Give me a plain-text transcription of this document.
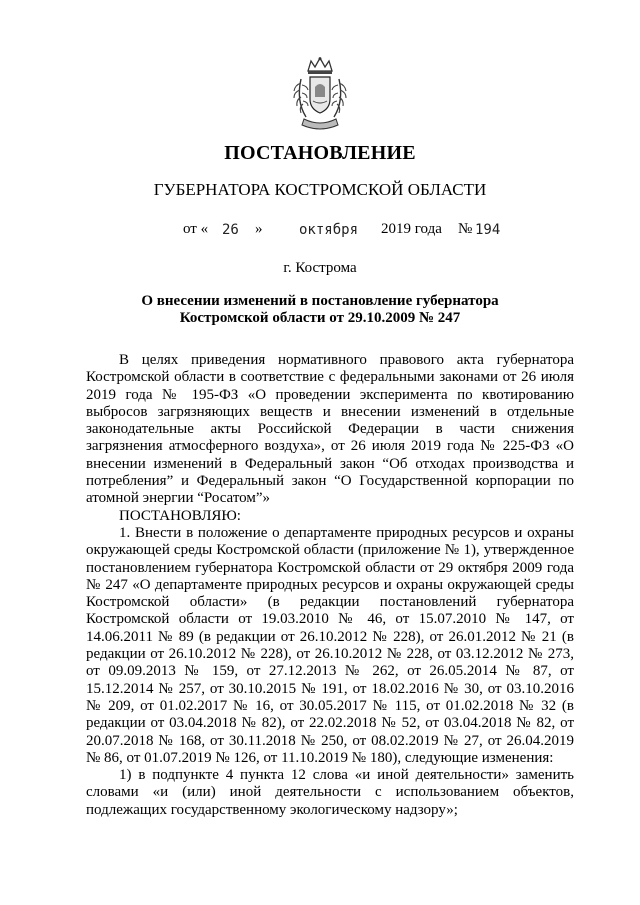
ПОСТАНОВЛЕНИЕ
ГУБЕРНАТОРА КОСТРОМСКОЙ ОБЛАСТИ
от « 26 »	октября 2019 года № 194
г. Кострома
О внесении изменений в постановление губернатора Костромской области от 29.10.2009 № 247

В целях приведения нормативного правового акта губернатора Костромской области в соответствие с федеральными законами от 26 июля 2019 года № 195-ФЗ «О проведении эксперимента по квотированию выбросов загрязняющих веществ и внесении изменений в отдельные законодательные акты Российской Федерации в части снижения загрязнения атмосферного воздуха», от 26 июля 2019 года № 225-ФЗ «О внесении изменений в Федеральный закон “Об отходах производства и потребления” и Федеральный закон “О Государственной корпорации по атомной энергии “Росатом”»

ПОСТАНОВЛЯЮ:

1. Внести в положение о департаменте природных ресурсов и охраны окружающей среды Костромской области (приложение № 1), утвержденное постановлением губернатора Костромской области от 29 октября 2009 года № 247 «О департаменте природных ресурсов и охраны окружающей среды Костромской области» (в редакции постановлений губернатора Костромской области от 19.03.2010 № 46, от 15.07.2010 № 147, от 14.06.2011 № 89 (в редакции от 26.10.2012 № 228), от 26.01.2012 № 21 (в редакции от 26.10.2012 № 228), от 26.10.2012 № 228, от 03.12.2012 № 273, от 09.09.2013 № 159, от 27.12.2013 № 262, от 26.05.2014 № 87, от 15.12.2014 № 257, от 30.10.2015 № 191, от 18.02.2016 № 30, от 03.10.2016 № 209, от 01.02.2017 № 16, от 30.05.2017 № 115, от 01.02.2018 № 32 (в редакции от 03.04.2018 № 82), от 22.02.2018 № 52, от 03.04.2018 № 82, от 20.07.2018 № 168, от 30.11.2018 № 250, от 08.02.2019 № 27, от 26.04.2019 № 86, от 01.07.2019 № 126, от 11.10.2019 № 180), следующие изменения:

1) в подпункте 4 пункта 12 слова «и иной деятельности» заменить словами «и (или) иной деятельности с использованием объектов, подлежащих государственному экологическому надзору»;
